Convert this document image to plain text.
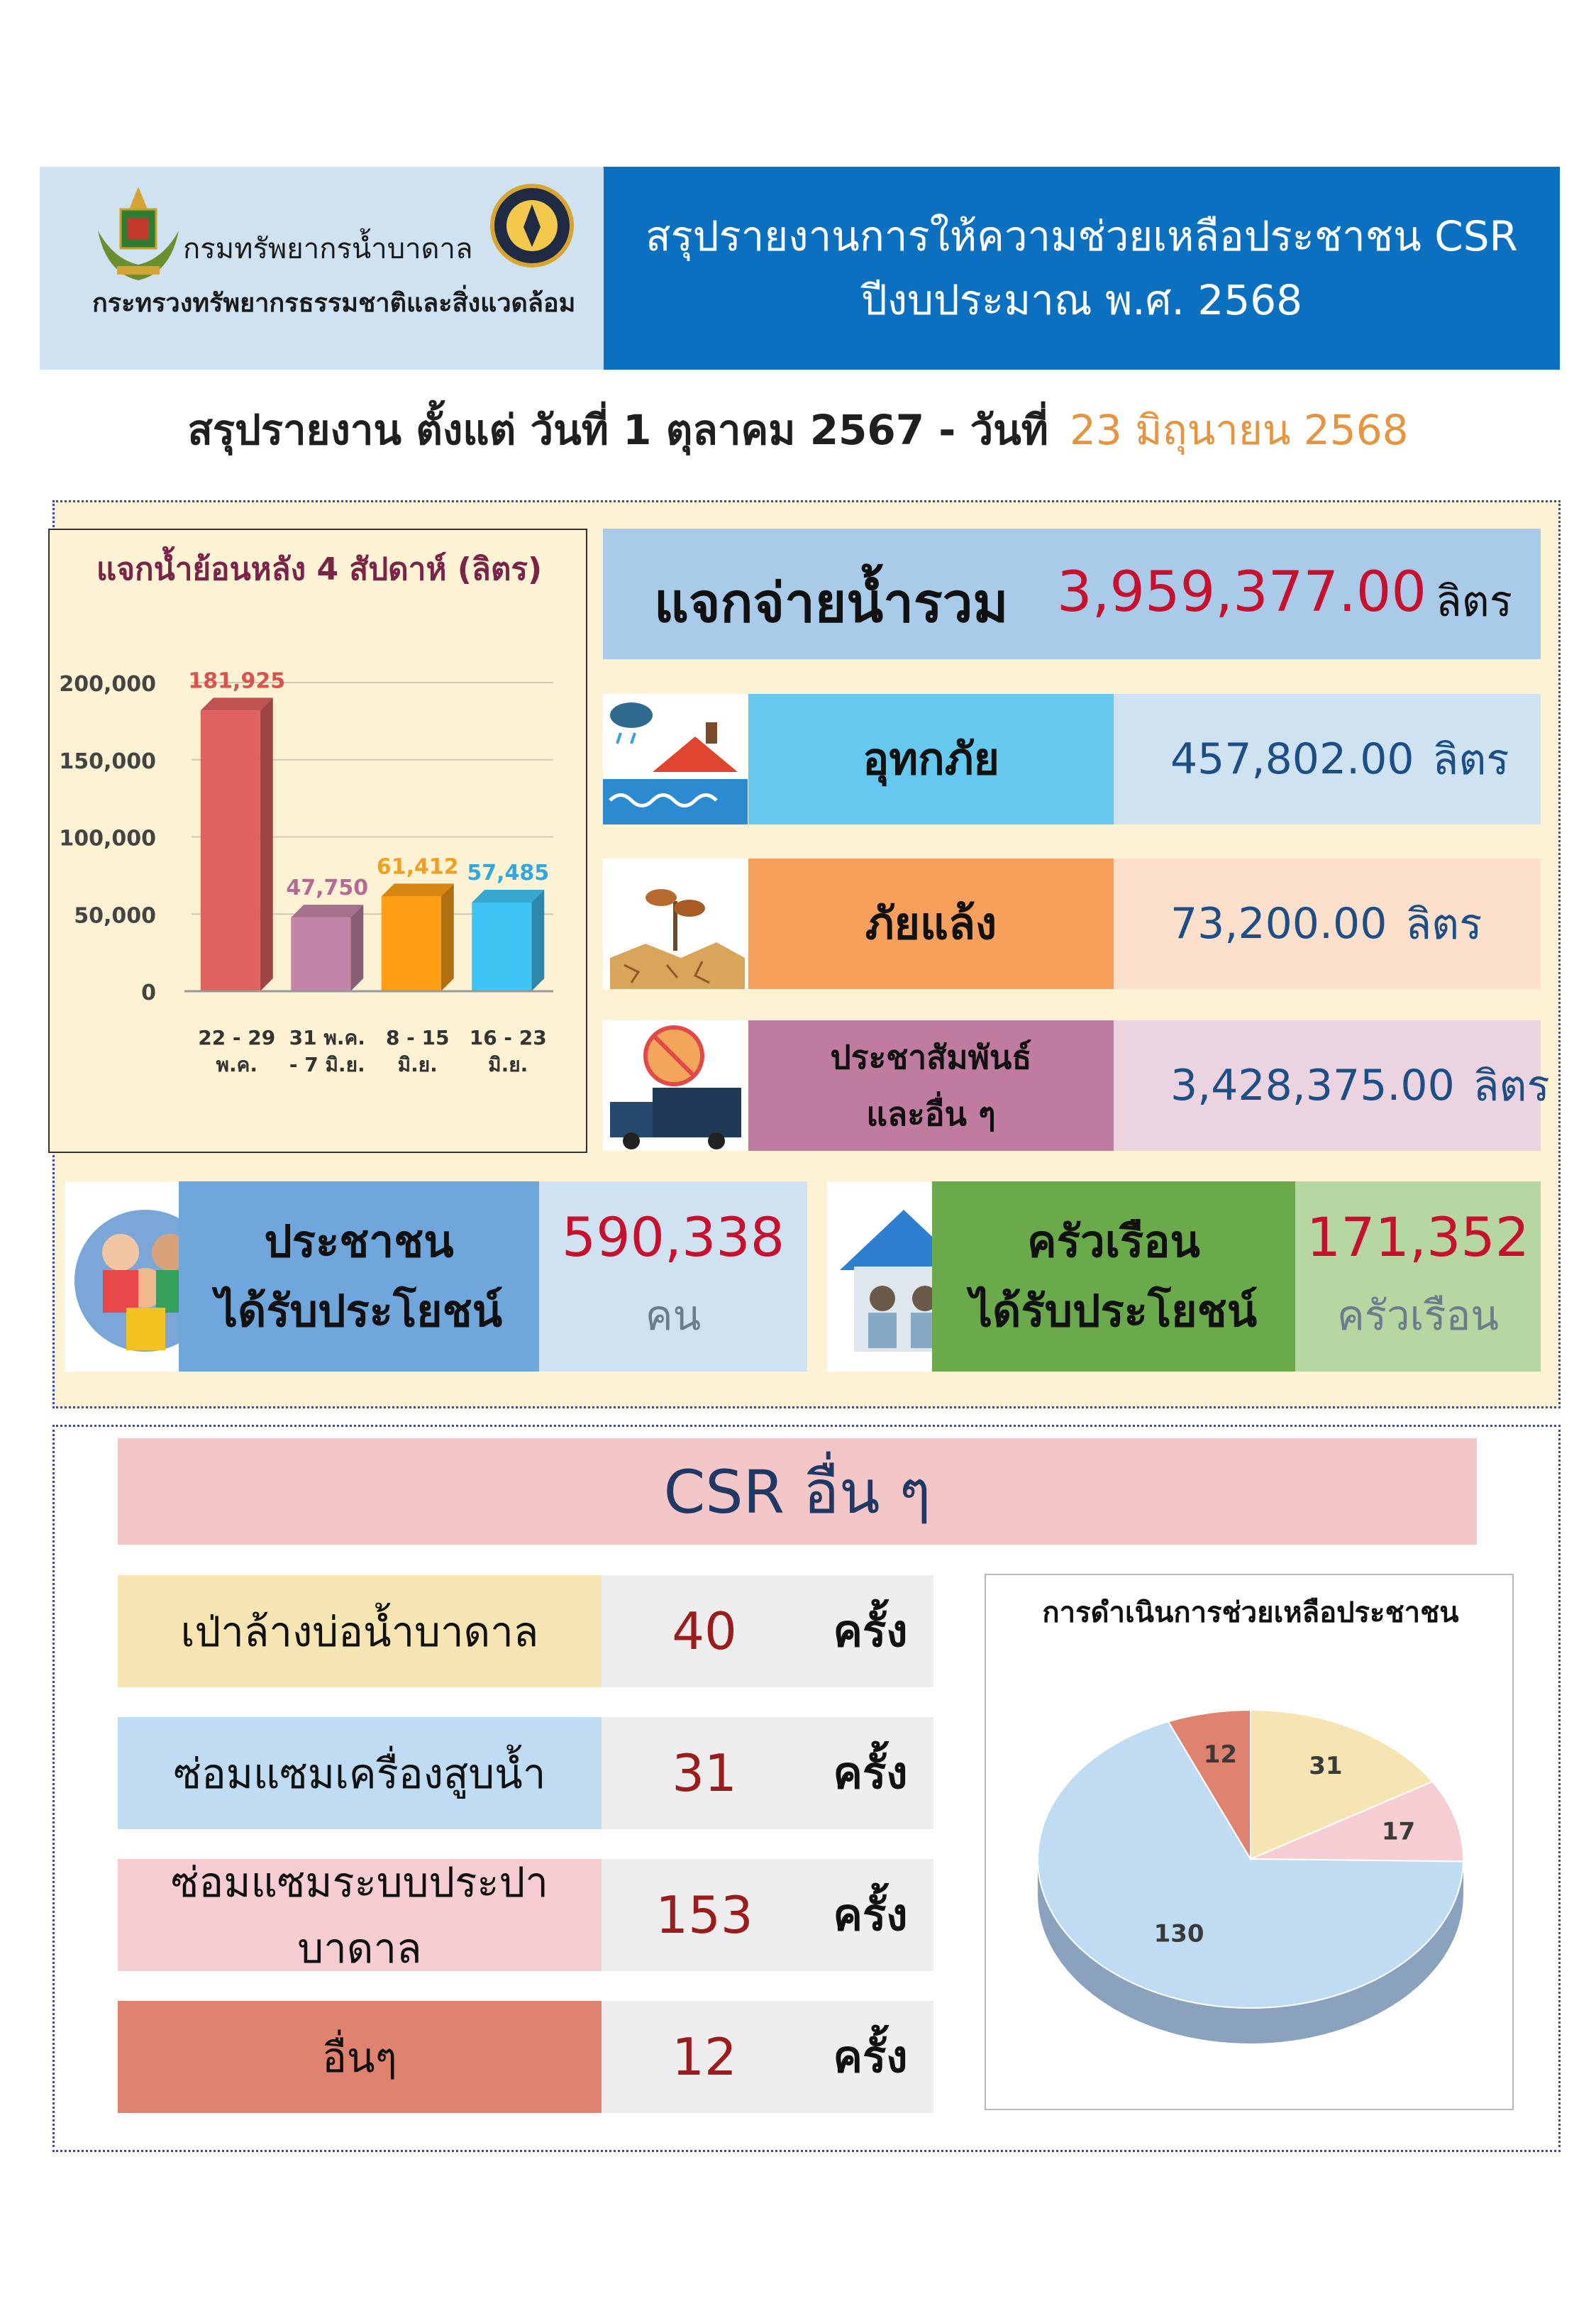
กรมทรัพยากรน้ำบาดาล
กระทรวงทรัพยากรธรรมชาติและสิ่งแวดล้อม
สรุปรายงานการให้ความช่วยเหลือประชาชน CSR
ปีงบประมาณ พ.ศ. 2568
สรุปรายงาน ตั้งแต่ วันที่ 1 ตุลาคม 2567 - วันที่ 23 มิถุนายน 2568
แจกน้ำย้อนหลัง 4 สัปดาห์ (ลิตร)
0
50,000
100,000
150,000
200,000 181,925
22 - 29
พ.ค.
47,750
31 พ.ค.
- 7 มิ.ย.
61,412
8 - 15
มิ.ย.
57,485
16 - 23
มิ.ย.
แจกจ่ายน้ำรวม 3,959,377.00 ลิตร
อุทกภัย	457,802.00 ลิตร
ภัยแล้ง	73,200.00 ลิตร
ประชาสัมพันธ์
และอื่น ๆ
3,428,375.00 ลิตร
ประชาชน
ได้รับประโยชน์
590,338
คน
ครัวเรือน
ได้รับประโยชน์
171,352
ครัวเรือน
CSR อื่น ๆ
เป่าล้างบ่อน้ำบาดาล	40	ครั้ง
ซ่อมแซมเครื่องสูบน้ำ	31	ครั้ง
ซ่อมแซมระบบประปาบาดาล
153	ครั้ง
อื่นๆ	12	ครั้ง
การดำเนินการช่วยเหลือประชาชน
31
17
130
12
